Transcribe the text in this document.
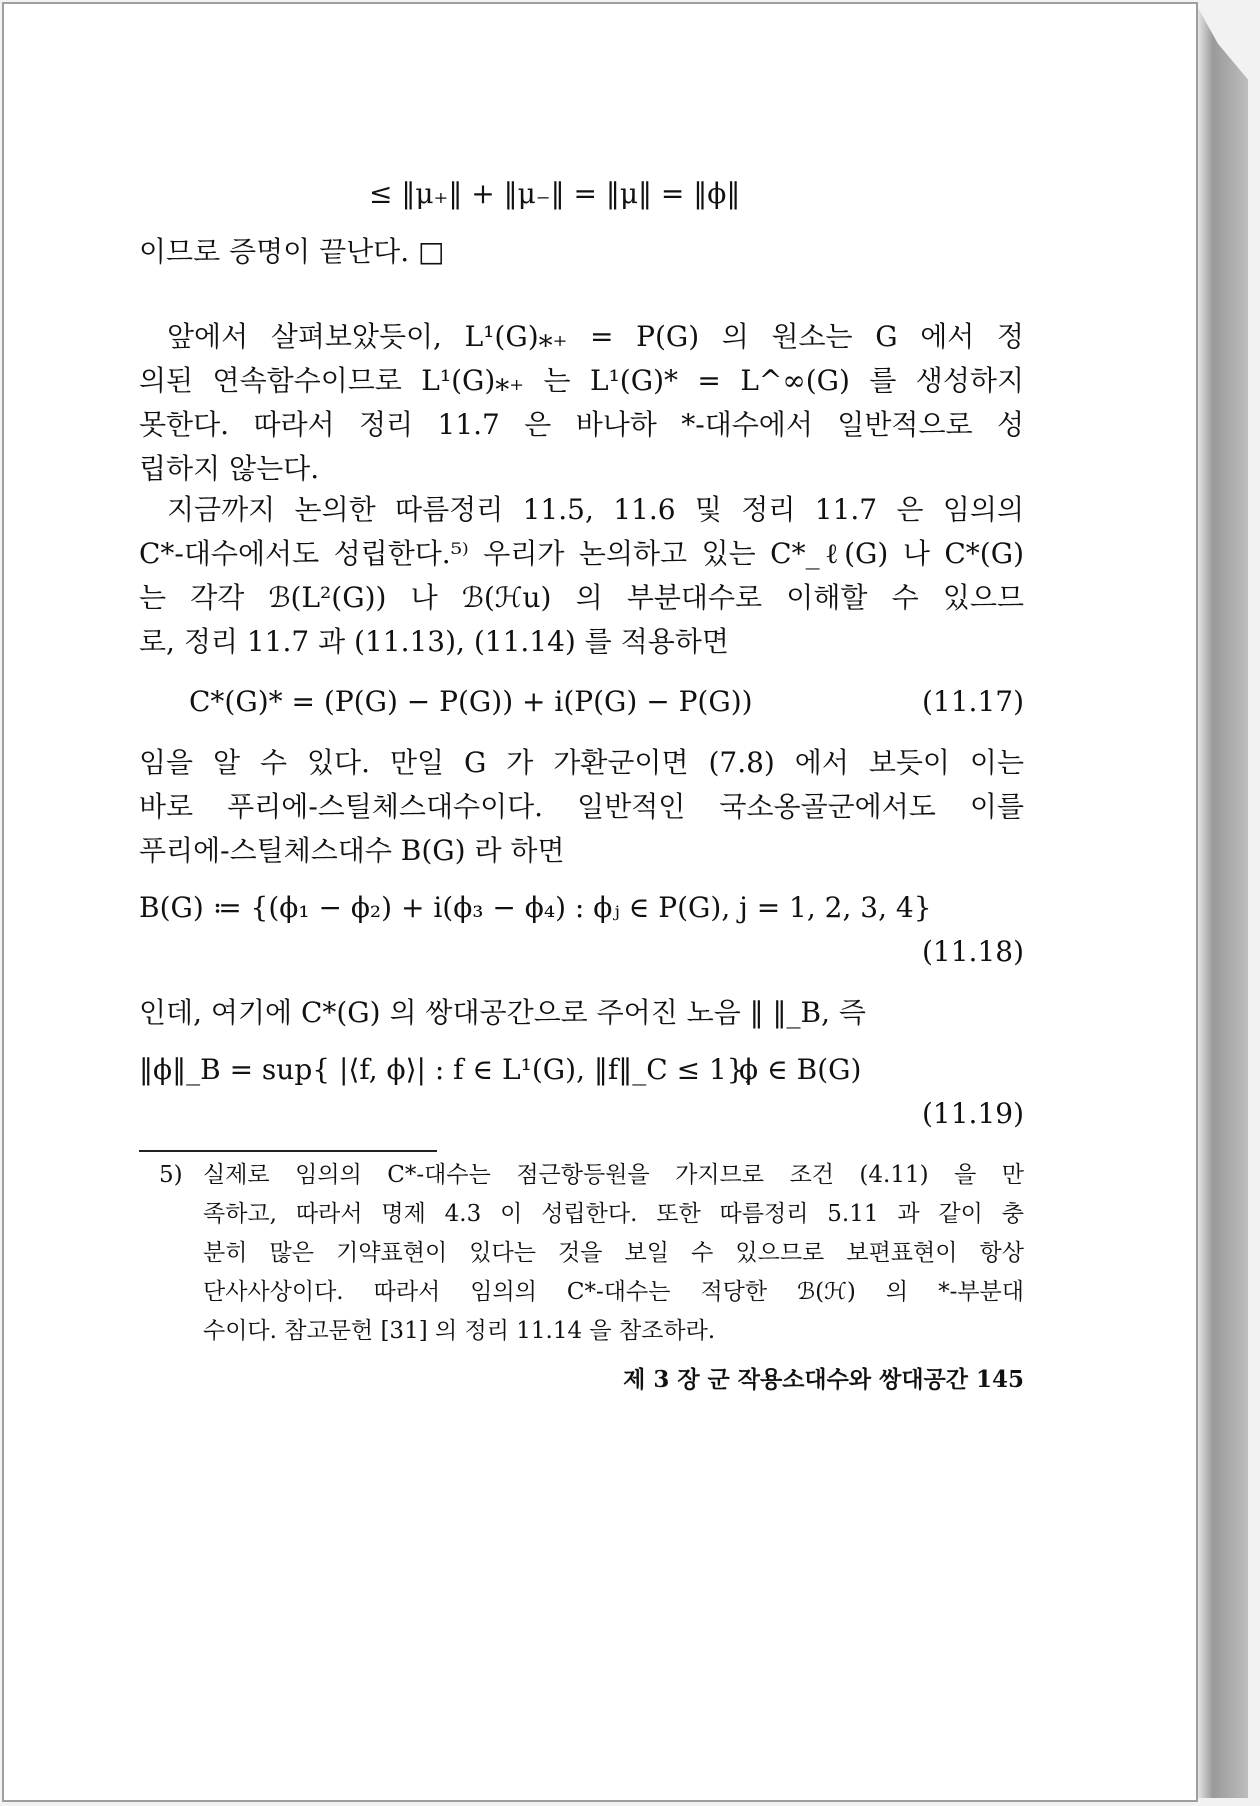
≤ ‖μ₊‖ + ‖μ₋‖ = ‖μ‖ = ‖ϕ‖
이므로 증명이 끝난다. □
앞에서 살펴보았듯이, L¹(G)⁎₊ = P(G) 의 원소는 G 에서 정
의된 연속함수이므로 L¹(G)⁎₊ 는 L¹(G)* = L^∞(G) 를 생성하지
못한다. 따라서 정리 11.7 은 바나하 *-대수에서 일반적으로 성
립하지 않는다.
지금까지 논의한 따름정리 11.5, 11.6 및 정리 11.7 은 임의의
C*-대수에서도 성립한다.⁵⁾ 우리가 논의하고 있는 C*_ℓ(G) 나 C*(G)
는 각각 ℬ(L²(G)) 나 ℬ(ℋu) 의 부분대수로 이해할 수 있으므
로, 정리 11.7 과 (11.13), (11.14) 를 적용하면
C*(G)* = (P(G) − P(G)) + i(P(G) − P(G))	(11.17)
임을 알 수 있다. 만일 G 가 가환군이면 (7.8) 에서 보듯이 이는
바로 푸리에-스틸체스대수이다. 일반적인 국소옹골군에서도 이를
푸리에-스틸체스대수 B(G) 라 하면
B(G) ≔ {(ϕ₁ − ϕ₂) + i(ϕ₃ − ϕ₄) : ϕⱼ ∈ P(G), j = 1, 2, 3, 4}
(11.18)
인데, 여기에 C*(G) 의 쌍대공간으로 주어진 노음 ‖ ‖_B, 즉
‖ϕ‖_B = sup{ |⟨f, ϕ⟩| : f ∈ L¹(G), ‖f‖_C ≤ 1},
ϕ ∈ B(G)
(11.19)
5) 실제로 임의의 C*-대수는 점근항등원을 가지므로 조건 (4.11) 을 만
족하고, 따라서 명제 4.3 이 성립한다. 또한 따름정리 5.11 과 같이 충
분히 많은 기약표현이 있다는 것을 보일 수 있으므로 보편표현이 항상
단사사상이다. 따라서 임의의 C*-대수는 적당한 ℬ(ℋ) 의 *-부분대
수이다. 참고문헌 [31] 의 정리 11.14 을 참조하라.
제 3 장 군 작용소대수와 쌍대공간 145
